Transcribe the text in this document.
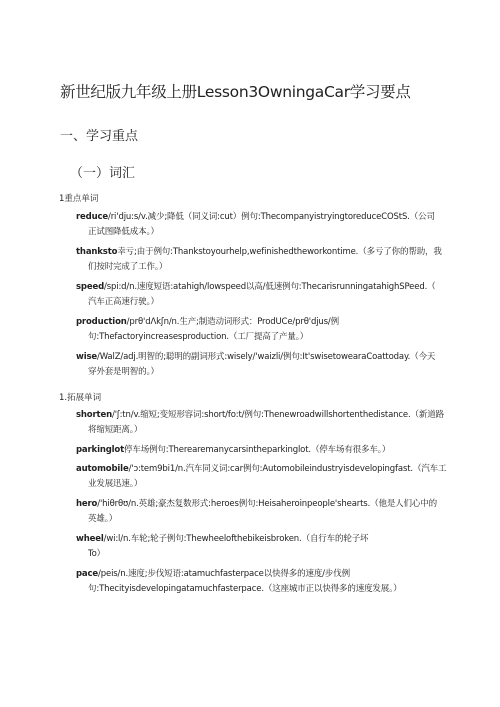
新世纪版九年级上册Lesson3OwningaCar学习要点
一、学习重点
（一）词汇
1重点单词
reduce/ri'dju:s/v.减少;降低（同义词:cut）例句:ThecompanyistryingtoreduceCOStS.（公司
正试图降低成本。）
thanksto幸亏;由于例句:Thankstoyourhelp,wefinishedtheworkontime.（多亏了你的帮助，我
们按时完成了工作。）
speed/spi:d/n.速度短语:atahigh/lowspeed以高/低速例句:ThecarisrunningatahighSPeed.（
汽车正高速行驶。）
production/prθ'dΛkʃn/n.生产;制造动词形式：ProdUCe/prθ'djus/例
句:Thefactoryincreasesproduction.（工厂提高了产量。）
wise/WalZ/adj.明智的;聪明的副词形式:wisely/'waizli/例句:It'swisetowearaCoattoday.（今天
穿外套是明智的。）
1.拓展单词
shorten/'ʃ:tn/v.缩短;变短形容词:short/fo:t/例句:Thenewroadwillshortenthedistance.（新道路
将缩短距离。）
parkinglot停车场例句:Therearemanycarsintheparkinglot.（停车场有很多车。）
automobile/'ɔ:tem9bi1/n.汽车同义词:car例句:Automobileindustryisdevelopingfast.（汽车工
业发展迅速。）
hero/'hiθrθʊ/n.英雄;豪杰复数形式:heroes例句:Heisaheroinpeople'shearts.（他是人们心中的
英雄。）
wheel/wi:l/n.车轮;轮子例句:Thewheelofthebikeisbroken.（自行车的轮子坏
To）
pace/peis/n.速度;步伐短语:atamuchfasterpace以快得多的速度/步伐例
句:Thecityisdevelopingatamuchfasterpace.（这座城市正以快得多的速度发展。）
